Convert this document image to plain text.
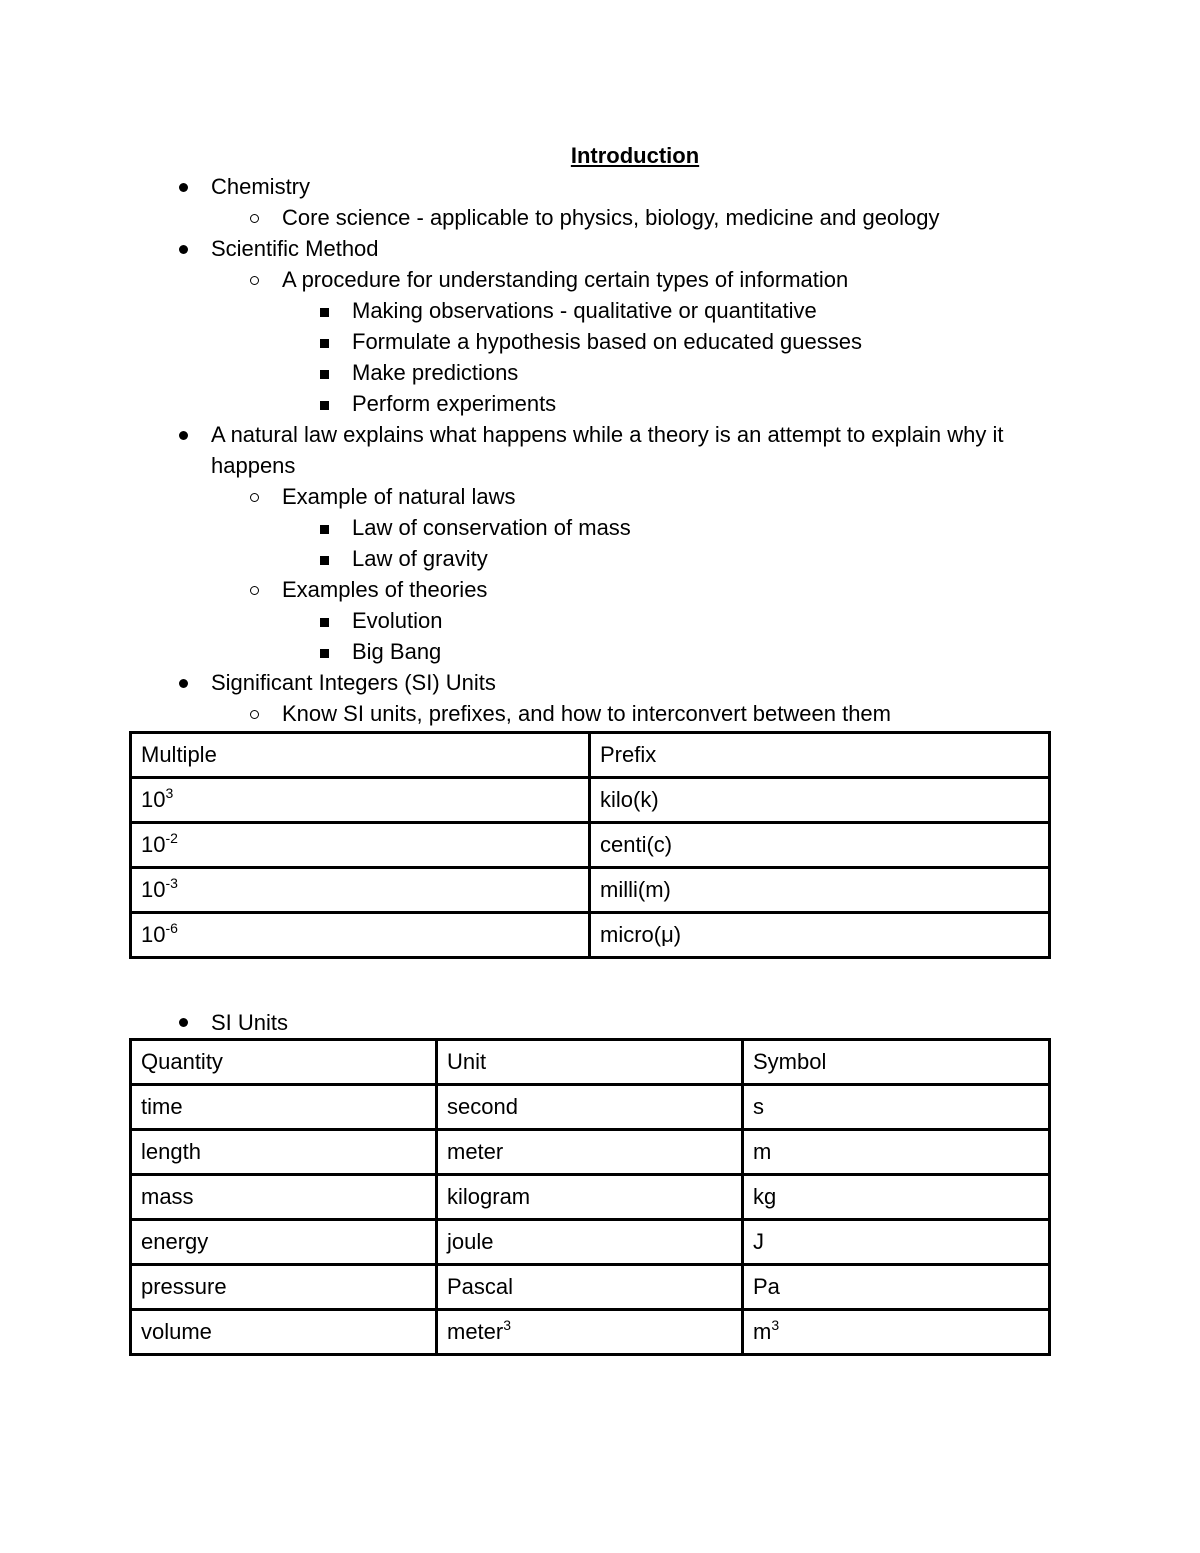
Introduction
Chemistry
Core science - applicable to physics, biology, medicine and geology
Scientific Method
A procedure for understanding certain types of information
Making observations - qualitative or quantitative
Formulate a hypothesis based on educated guesses
Make predictions
Perform experiments
A natural law explains what happens while a theory is an attempt to explain why it happens
Example of natural laws
Law of conservation of mass
Law of gravity
Examples of theories
Evolution
Big Bang
Significant Integers (SI) Units
Know SI units, prefixes, and how to interconvert between them
Multiple	Prefix
$10^3$	kilo(k)
$10^{-2}$	centi(c)
$10^{-3}$	milli(m)
$10^{-6}$	micro(μ)
SI Units
Quantity	Unit	Symbol
time	second	s
length	meter	m
mass	kilogram	kg
energy	joule	J
pressure	Pascal	Pa
volume	meter$^3$	$m^3$
